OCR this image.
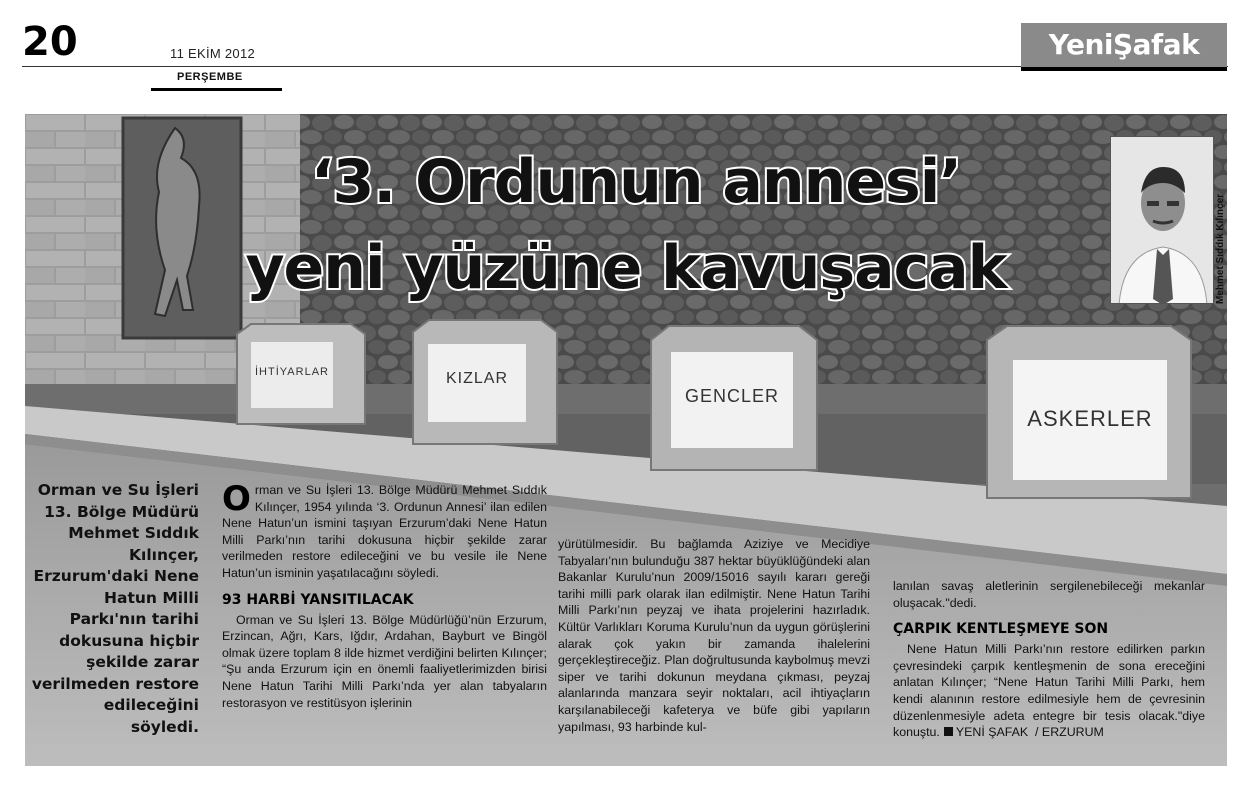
20	11 EKİM 2012
PERŞEMBE
YeniŞafak
‘3. Ordunun annesi’
yeni yüzüne kavuşacak	Mehmet Sıddık Kılınçer
İHTİYARLAR	KIZLAR
GENCLER
ASKERLER
Orman ve Su İşleri 13. Bölge Müdürü Mehmet Sıddık Kılınçer, Erzurum'daki Nene Hatun Milli Parkı'nın tarihi dokusuna hiçbir şekilde zarar verilmeden restore edileceğini söyledi.

Orman ve Su İşleri 13. Bölge Müdürü Mehmet Sıddık Kılınçer, 1954 yılında ‘3. Ordunun Annesi’ ilan edilen Nene Hatun’un ismini taşıyan Erzurum’daki Nene Hatun Milli Parkı’nın tarihi dokusuna hiçbir şekilde zarar verilmeden restore edileceğini ve bu vesile ile Nene Hatun’un isminin yaşatılacağını söyledi.

93 HARBİ YANSITILACAK

Orman ve Su İşleri 13. Bölge Müdürlüğü’nün Erzurum, Erzincan, Ağrı, Kars, Iğdır, Ardahan, Bayburt ve Bingöl olmak üzere toplam 8 ilde hizmet verdiğini belirten Kılınçer; “Şu anda Erzurum için en önemli faaliyetlerimizden birisi Nene Hatun Tarihi Milli Parkı’nda yer alan tabyaların restorasyon ve restitüsyon işlerinin

yürütülmesidir. Bu bağlamda Aziziye ve Mecidiye Tabyaları’nın bulunduğu 387 hektar büyüklüğündeki alan Bakanlar Kurulu’nun 2009/15016 sayılı kararı gereği tarihi milli park olarak ilan edilmiştir. Nene Hatun Tarihi Milli Parkı’nın peyzaj ve ihata projelerini hazırladık. Kültür Varlıkları Koruma Kurulu’nun da uygun görüşlerini alarak çok yakın bir zamanda ihalelerini gerçekleştireceğiz. Plan doğrultusunda kaybolmuş mevzi siper ve tarihi dokunun meydana çıkması, peyzaj alanlarında manzara seyir noktaları, acil ihtiyaçların karşılanabileceği kafeterya ve büfe gibi yapıların yapılması, 93 harbinde kul-

lanılan savaş aletlerinin sergilenebileceği mekanlar oluşacak."dedi.

ÇARPIK KENTLEŞMEYE SON

Nene Hatun Milli Parkı’nın restore edilirken parkın çevresindeki çarpık kentleşmenin de sona ereceğini anlatan Kılınçer; “Nene Hatun Tarihi Milli Parkı, hem kendi alanının restore edilmesiyle hem de çevresinin düzenlenmesiyle adeta entegre bir tesis olacak."diye konuştu. YENİ ŞAFAK / ERZURUM
